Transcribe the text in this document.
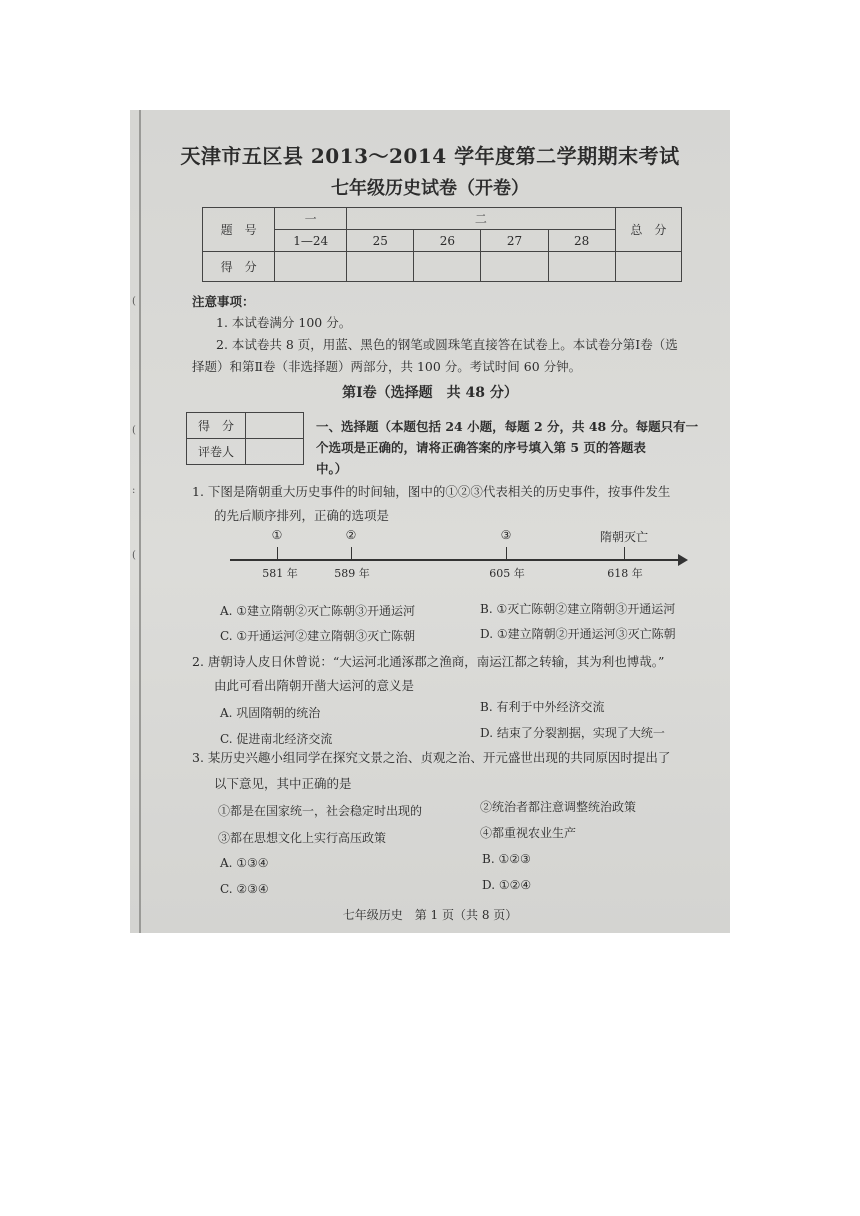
(
(
:
(
天津市五区县 2013～2014 学年度第二学期期末考试
七年级历史试卷（开卷）
题　号	一	二				总　分
	1—24	25	26	27	28	
得　分						
注意事项：
1. 本试卷满分 100 分。
2. 本试卷共 8 页，用蓝、黑色的钢笔或圆珠笔直接答在试卷上。本试卷分第Ⅰ卷（选
择题）和第Ⅱ卷（非选择题）两部分，共 100 分。考试时间 60 分钟。
第Ⅰ卷（选择题　共 48 分）
得　分	
评卷人	
一、选择题（本题包括 24 小题，每题 2 分，共 48 分。每题只有一
个选项是正确的，请将正确答案的序号填入第 5 页的答题表
中。）
1. 下图是隋朝重大历史事件的时间轴，图中的①②③代表相关的历史事件，按事件发生
的先后顺序排列，正确的选项是
①	②	③	隋朝灭亡
581 年	589 年	605 年	618 年
A. ①建立隋朝②灭亡陈朝③开通运河	B. ①灭亡陈朝②建立隋朝③开通运河
C. ①开通运河②建立隋朝③灭亡陈朝	D. ①建立隋朝②开通运河③灭亡陈朝
2. 唐朝诗人皮日休曾说：“大运河北通涿郡之渔商，南运江都之转输，其为利也博哉。”
由此可看出隋朝开凿大运河的意义是
A. 巩固隋朝的统治	B. 有利于中外经济交流
C. 促进南北经济交流	D. 结束了分裂割据，实现了大统一
3. 某历史兴趣小组同学在探究文景之治、贞观之治、开元盛世出现的共同原因时提出了
以下意见，其中正确的是
①都是在国家统一，社会稳定时出现的	②统治者都注意调整统治政策
③都在思想文化上实行高压政策	④都重视农业生产
A. ①③④	B. ①②③
C. ②③④	D. ①②④
七年级历史　第 1 页（共 8 页）
